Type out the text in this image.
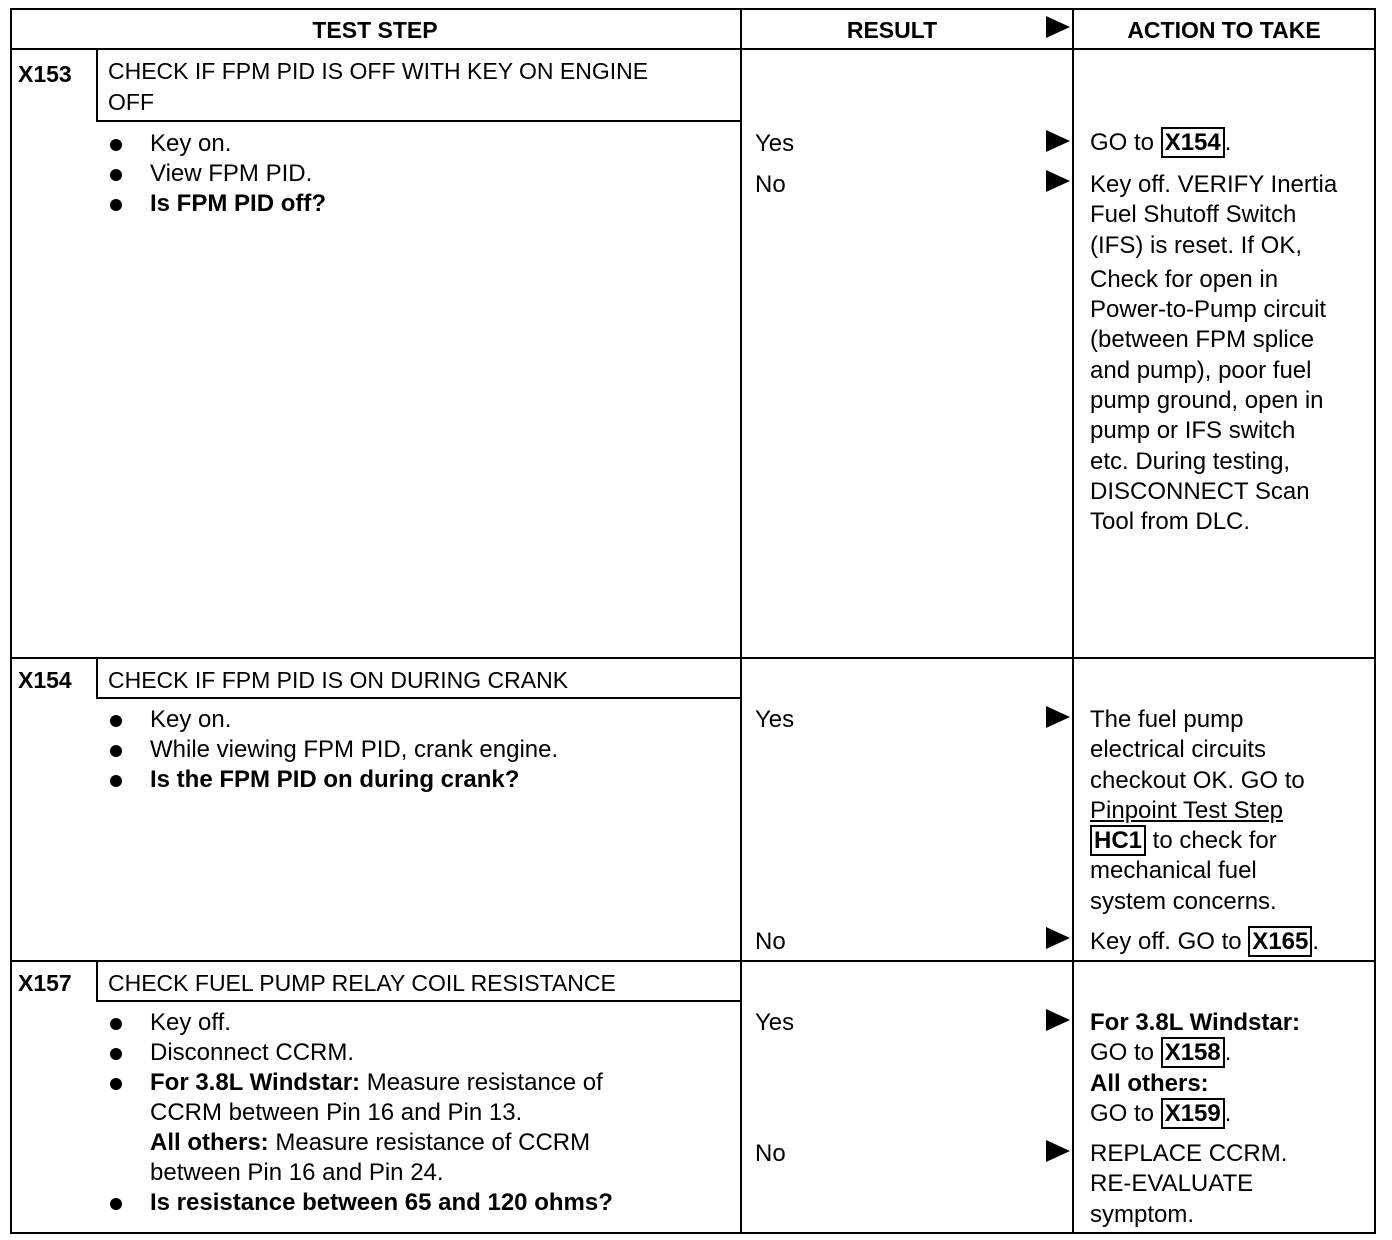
TEST STEP	RESULT	ACTION TO TAKE
X153 CHECK IF FPM PID IS OFF WITH KEY ON ENGINE
OFF
Key on.
View FPM PID.
Is FPM PID off?
Yes	GO to X154 .
No	Key off. VERIFY Inertia
Fuel Shutoff Switch
(IFS) is reset. If OK,
Check for open in
Power-to-Pump circuit
(between FPM splice
and pump), poor fuel
pump ground, open in
pump or IFS switch
etc. During testing,
DISCONNECT Scan
Tool from DLC.
X154 CHECK IF FPM PID IS ON DURING CRANK
Key on.
While viewing FPM PID, crank engine.
Is the FPM PID on during crank?
Yes	The fuel pump
electrical circuits
checkout OK. GO to
Pinpoint Test Step
HC1 to check for
mechanical fuel
system concerns.
No	Key off. GO to X165 .
X157 CHECK FUEL PUMP RELAY COIL RESISTANCE
Key off.
Disconnect CCRM.
For 3.8L Windstar: Measure resistance of
CCRM between Pin 16 and Pin 13.
All others: Measure resistance of CCRM
between Pin 16 and Pin 24.
Is resistance between 65 and 120 ohms?
Yes	For 3.8L Windstar:
GO to X158 .
All others:
GO to X159 .
No	REPLACE CCRM.
RE-EVALUATE
symptom.
